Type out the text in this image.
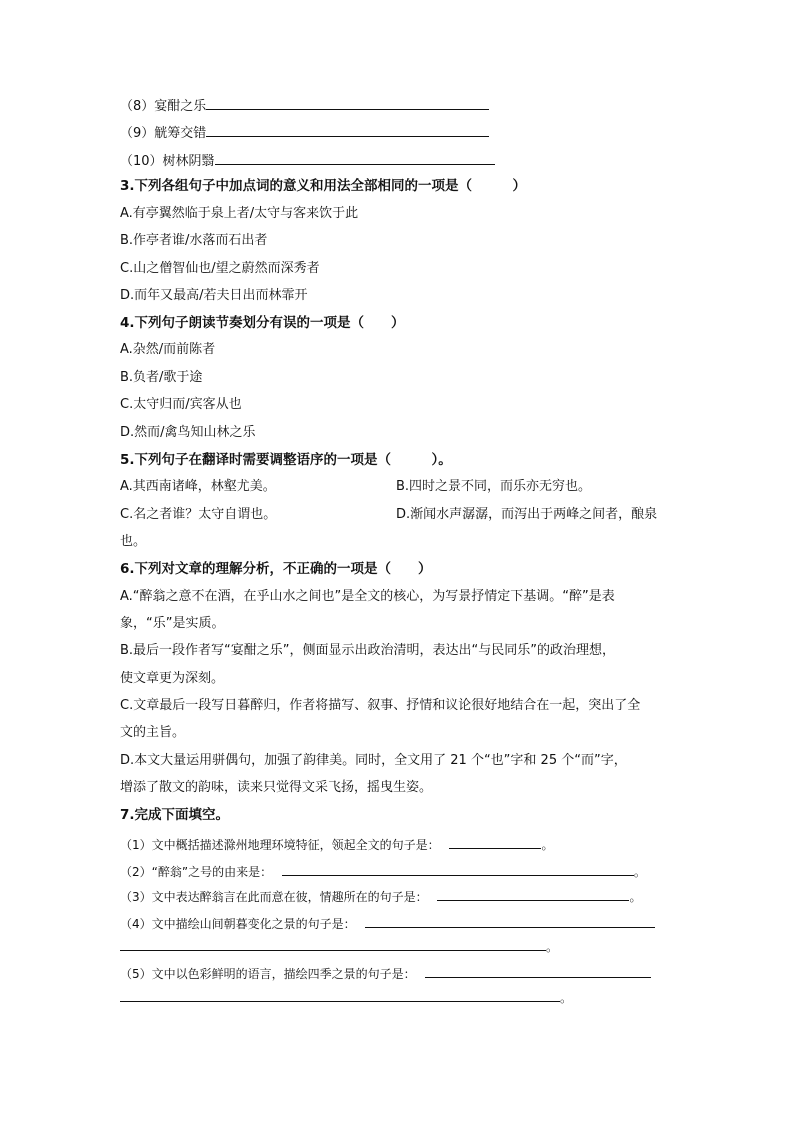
（8）宴酣之乐
（9）觥筹交错
（10）树林阴翳
3.下列各组句子中加点词的意义和用法全部相同的一项是（　　　）
A.有亭翼然临于泉上者/太守与客来饮于此
B.作亭者谁/水落而石出者
C.山之僧智仙也/望之蔚然而深秀者
D.而年又最高/若夫日出而林霏开
4.下列句子朗读节奏划分有误的一项是（　　）
A.杂然/而前陈者
B.负者/歌于途
C.太守归而/宾客从也
D.然而/禽鸟知山林之乐
5.下列句子在翻译时需要调整语序的一项是（　　　）。
A.其西南诸峰，林壑尤美。	B.四时之景不同，而乐亦无穷也。
C.名之者谁？太守自谓也。	D.渐闻水声潺潺，而泻出于两峰之间者，酿泉
也。
6.下列对文章的理解分析，不正确的一项是（　　）
A.“醉翁之意不在酒，在乎山水之间也”是全文的核心，为写景抒情定下基调。“醉”是表
象，“乐”是实质。
B.最后一段作者写“宴酣之乐”，侧面显示出政治清明，表达出“与民同乐”的政治理想，
使文章更为深刻。
C.文章最后一段写日暮醉归，作者将描写、叙事、抒情和议论很好地结合在一起，突出了全
文的主旨。
D.本文大量运用骈偶句，加强了韵律美。同时，全文用了 21 个“也”字和 25 个“而”字，
增添了散文的韵味，读来只觉得文采飞扬，摇曳生姿。
7.完成下面填空。
（1）文中概括描述滁州地理环境特征，领起全文的句子是：	。
（2）“醉翁”之号的由来是：	。
（3）文中表达醉翁言在此而意在彼，情趣所在的句子是：	。
（4）文中描绘山间朝暮变化之景的句子是：
。
（5）文中以色彩鲜明的语言，描绘四季之景的句子是：
。
